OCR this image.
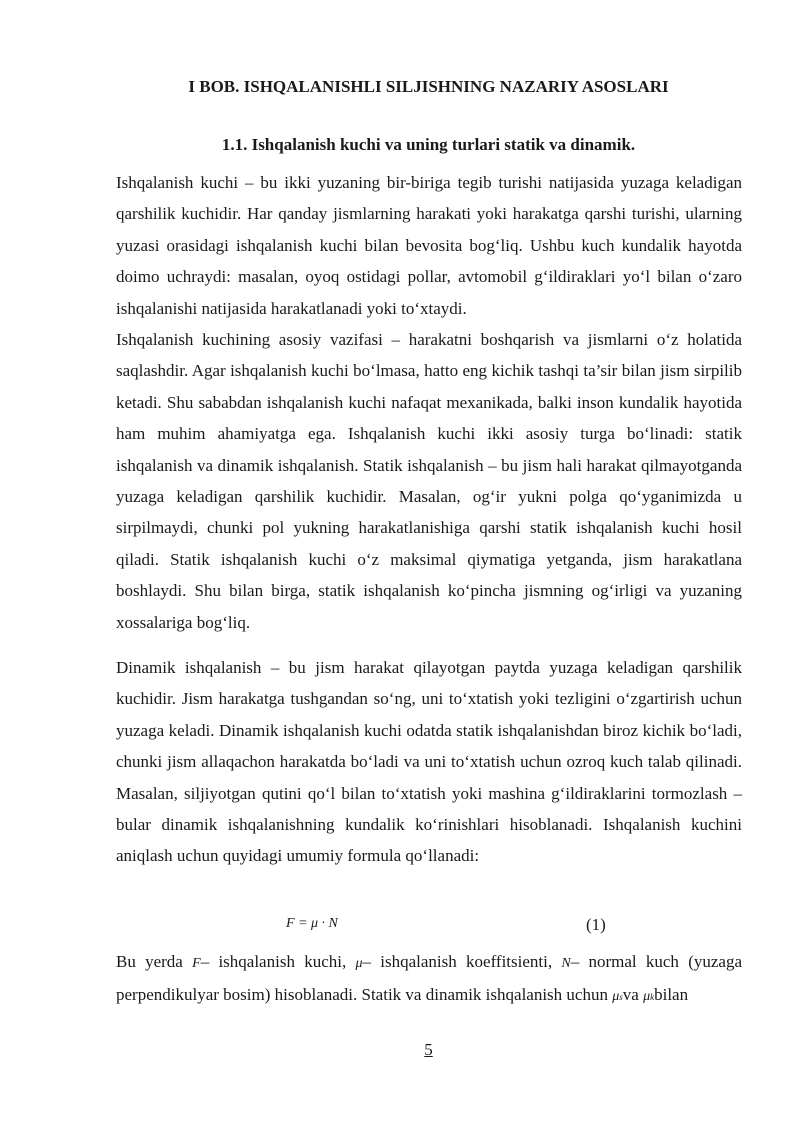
I BOB. ISHQALANISHLI SILJISHNING NAZARIY ASOSLARI
1.1. Ishqalanish kuchi va uning turlari statik va dinamik.

Ishqalanish kuchi – bu ikki yuzaning bir-biriga tegib turishi natijasida yuzaga keladigan qarshilik kuchidir. Har qanday jismlarning harakati yoki harakatga qarshi turishi, ularning yuzasi orasidagi ishqalanish kuchi bilan bevosita bog‘liq. Ushbu kuch kundalik hayotda doimo uchraydi: masalan, oyoq ostidagi pollar, avtomobil g‘ildiraklari yo‘l bilan o‘zaro ishqalanishi natijasida harakatlanadi yoki to‘xtaydi.

Ishqalanish kuchining asosiy vazifasi – harakatni boshqarish va jismlarni o‘z holatida saqlashdir. Agar ishqalanish kuchi bo‘lmasa, hatto eng kichik tashqi ta’sir bilan jism sirpilib ketadi. Shu sababdan ishqalanish kuchi nafaqat mexanikada, balki inson kundalik hayotida ham muhim ahamiyatga ega. Ishqalanish kuchi ikki asosiy turga bo‘linadi: statik ishqalanish va dinamik ishqalanish. Statik ishqalanish – bu jism hali harakat qilmayotganda yuzaga keladigan qarshilik kuchidir. Masalan, og‘ir yukni polga qo‘yganimizda u sirpilmaydi, chunki pol yukning harakatlanishiga qarshi statik ishqalanish kuchi hosil qiladi. Statik ishqalanish kuchi o‘z maksimal qiymatiga yetganda, jism harakatlana boshlaydi. Shu bilan birga, statik ishqalanish ko‘pincha jismning og‘irligi va yuzaning xossalariga bog‘liq.

Dinamik ishqalanish – bu jism harakat qilayotgan paytda yuzaga keladigan qarshilik kuchidir. Jism harakatga tushgandan so‘ng, uni to‘xtatish yoki tezligini o‘zgartirish uchun yuzaga keladi. Dinamik ishqalanish kuchi odatda statik ishqalanishdan biroz kichik bo‘ladi, chunki jism allaqachon harakatda bo‘ladi va uni to‘xtatish uchun ozroq kuch talab qilinadi. Masalan, siljiyotgan qutini qo‘l bilan to‘xtatish yoki mashina g‘ildiraklarini tormozlash – bular dinamik ishqalanishning kundalik ko‘rinishlari hisoblanadi. Ishqalanish kuchini aniqlash uchun quyidagi umumiy formula qo‘llanadi:

F = μ · N	(1)

Bu yerda F– ishqalanish kuchi, μ– ishqalanish koeffitsienti, N– normal kuch (yuzaga perpendikulyar bosim) hisoblanadi. Statik va dinamik ishqalanish uchun μsva μkbilan

5
